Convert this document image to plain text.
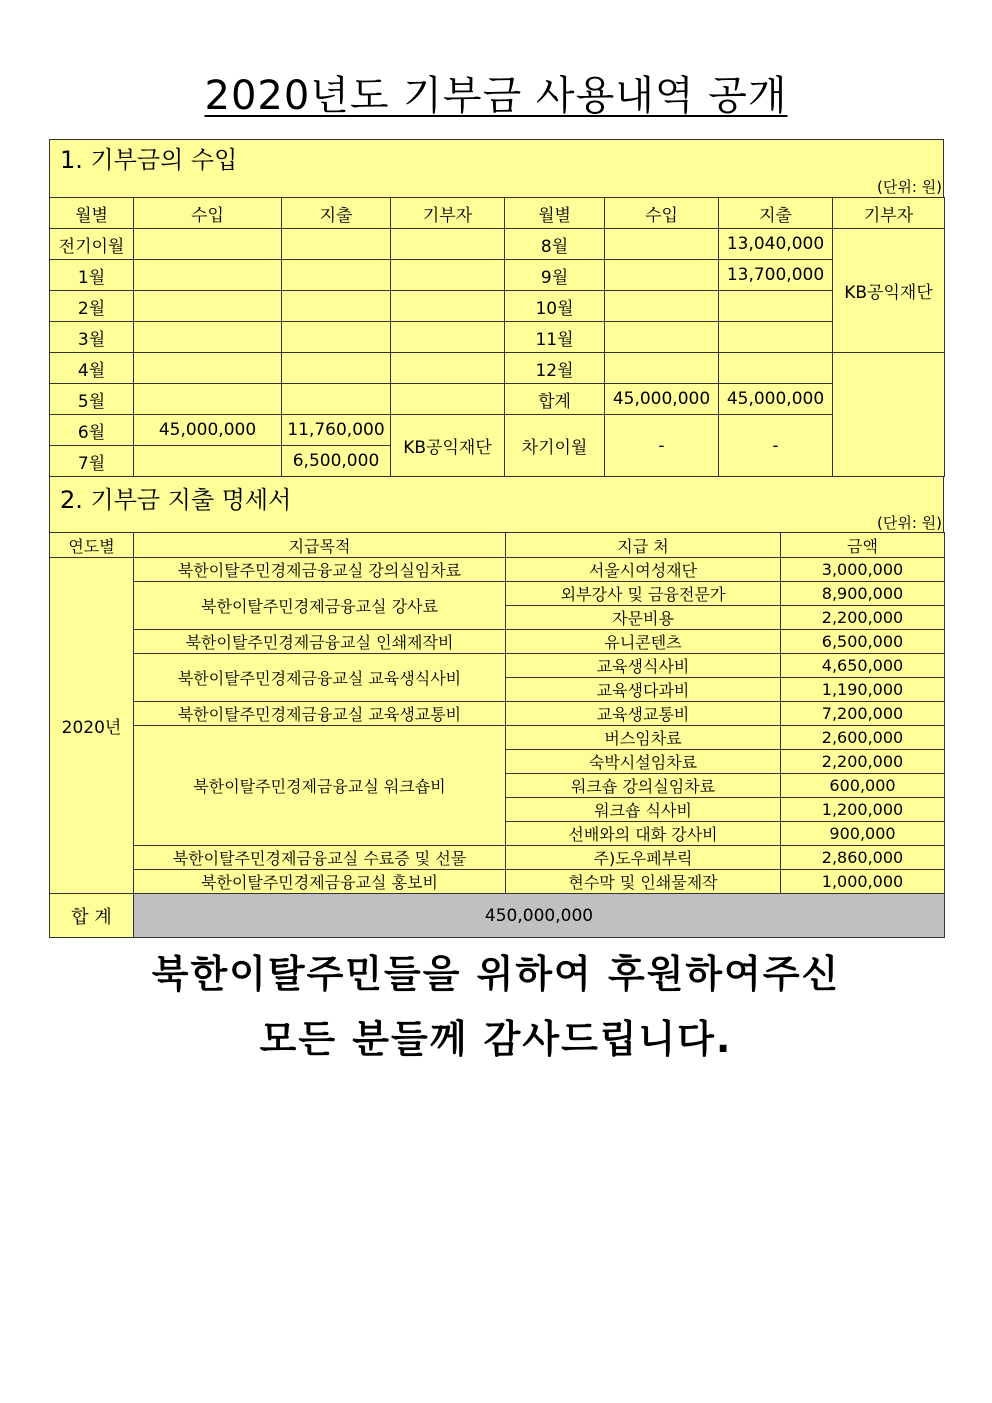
2020년도 기부금 사용내역 공개
1. 기부금의 수입
(단위: 원)
월별	수입	지출	기부자	월별	수입	지출	기부자
전기이월				8월		13,040,000	KB공익재단
1월				9월		13,700,000	
2월				10월			
3월				11월			
4월				12월			
5월				합계	45,000,000	45,000,000	
6월	45,000,000	11,760,000	KB공익재단	차기이월	-	-	
7월		6,500,000					
2. 기부금 지출 명세서
(단위: 원)
연도별	지급목적	지급 처	금액
2020년	북한이탈주민경제금융교실 강의실임차료	서울시여성재단	3,000,000
	북한이탈주민경제금융교실 강사료	외부강사 및 금융전문가	8,900,000
		자문비용	2,200,000
	북한이탈주민경제금융교실 인쇄제작비	유니콘텐츠	6,500,000
	북한이탈주민경제금융교실 교육생식사비	교육생식사비	4,650,000
		교육생다과비	1,190,000
	북한이탈주민경제금융교실 교육생교통비	교육생교통비	7,200,000
	북한이탈주민경제금융교실 워크숍비	버스임차료	2,600,000
		숙박시설임차료	2,200,000
		워크숍 강의실임차료	600,000
		워크숍 식사비	1,200,000
		선배와의 대화 강사비	900,000
	북한이탈주민경제금융교실 수료증 및 선물	주)도우페부릭	2,860,000
	북한이탈주민경제금융교실 홍보비	현수막 및 인쇄물제작	1,000,000
합 계	450,000,000		
북한이탈주민들을 위하여 후원하여주신
모든 분들께 감사드립니다.
